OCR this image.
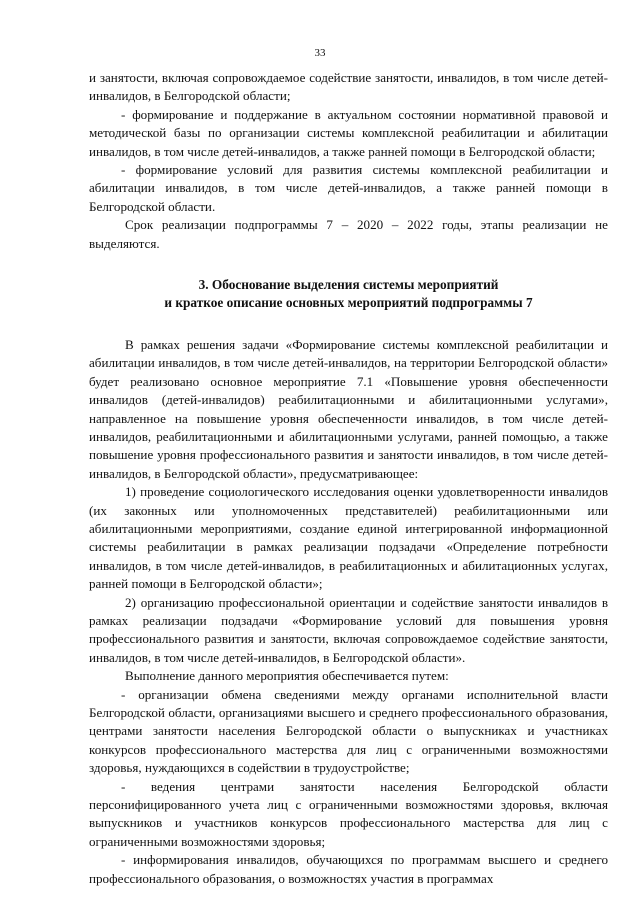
33

и занятости, включая сопровождаемое содействие занятости, инвалидов, в том числе детей-инвалидов, в Белгородской области;

- формирование и поддержание в актуальном состоянии нормативной правовой и методической базы по организации системы комплексной реабилитации и абилитации инвалидов, в том числе детей-инвалидов, а также ранней помощи в Белгородской области;

- формирование условий для развития системы комплексной реабилитации и абилитации инвалидов, в том числе детей-инвалидов, а также ранней помощи в Белгородской области.

Срок реализации подпрограммы 7 – 2020 – 2022 годы, этапы реализации не выделяются.

3. Обоснование выделения системы мероприятий
и краткое описание основных мероприятий подпрограммы 7

В рамках решения задачи «Формирование системы комплексной реабилитации и абилитации инвалидов, в том числе детей-инвалидов, на территории Белгородской области» будет реализовано основное мероприятие 7.1 «Повышение уровня обеспеченности инвалидов (детей-инвалидов) реабилитационными и абилитационными услугами», направленное на повышение уровня обеспеченности инвалидов, в том числе детей-инвалидов, реабилитационными и абилитационными услугами, ранней помощью, а также повышение уровня профессионального развития и занятости инвалидов, в том числе детей-инвалидов, в Белгородской области», предусматривающее:

1) проведение социологического исследования оценки удовлетворенности инвалидов (их законных или уполномоченных представителей) реабилитационными или абилитационными мероприятиями, создание единой интегрированной информационной системы реабилитации в рамках реализации подзадачи «Определение потребности инвалидов, в том числе детей-инвалидов, в реабилитационных и абилитационных услугах, ранней помощи в Белгородской области»;

2) организацию профессиональной ориентации и содействие занятости инвалидов в рамках реализации подзадачи «Формирование условий для повышения уровня профессионального развития и занятости, включая сопровождаемое содействие занятости, инвалидов, в том числе детей-инвалидов, в Белгородской области».

Выполнение данного мероприятия обеспечивается путем:

- организации обмена сведениями между органами исполнительной власти Белгородской области, организациями высшего и среднего профессионального образования, центрами занятости населения Белгородской области о выпускниках и участниках конкурсов профессионального мастерства для лиц с ограниченными возможностями здоровья, нуждающихся в содействии в трудоустройстве;

- ведения центрами занятости населения Белгородской области персонифицированного учета лиц с ограниченными возможностями здоровья, включая выпускников и участников конкурсов профессионального мастерства для лиц с ограниченными возможностями здоровья;

- информирования инвалидов, обучающихся по программам высшего и среднего профессионального образования, о возможностях участия в программах
